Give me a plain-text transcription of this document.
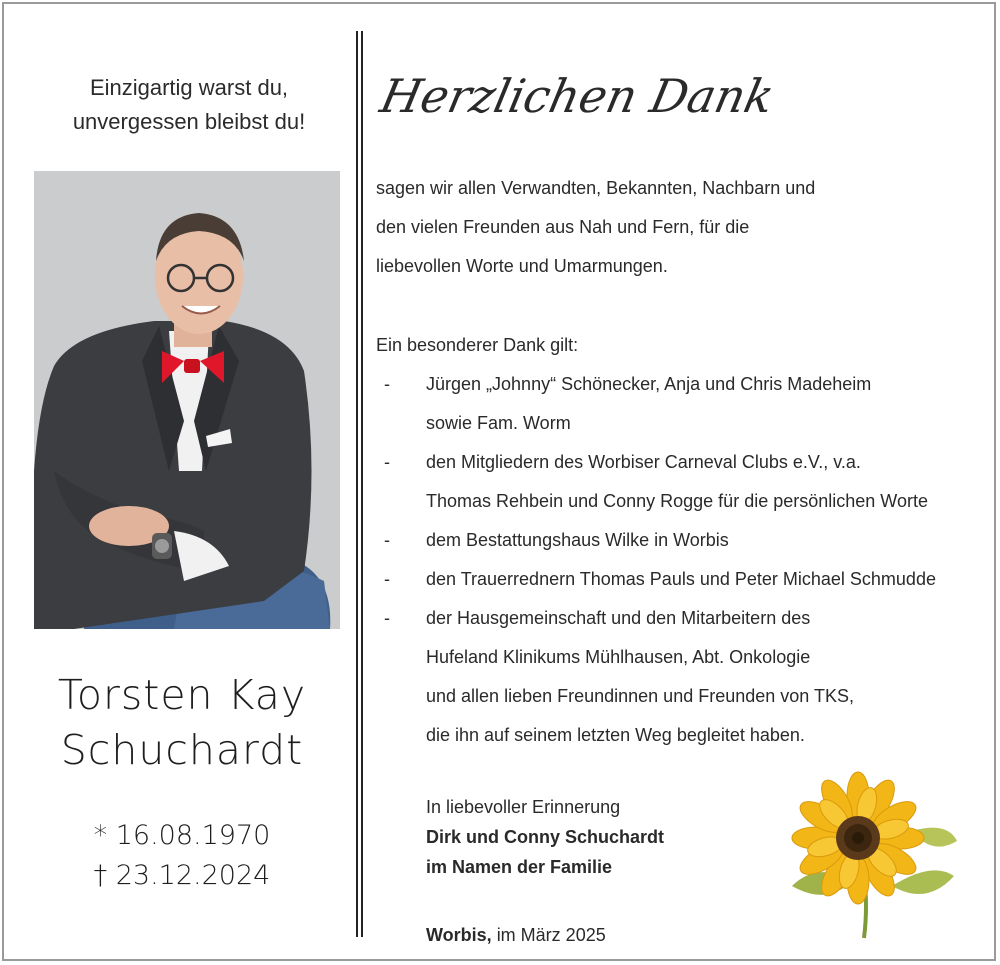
Einzigartig warst du,
unvergessen bleibst du!
Torsten Kay
Schuchardt
* 16.08.1970
† 23.12.2024
Herzlichen Dank
sagen wir allen Verwandten, Bekannten, Nachbarn und
den vielen Freunden aus Nah und Fern, für die
liebevollen Worte und Umarmungen.
Ein besonderer Dank gilt:
- Jürgen „Johnny“ Schönecker, Anja und Chris Madeheim
sowie Fam. Worm
- den Mitgliedern des Worbiser Carneval Clubs e.V., v.a.
Thomas Rehbein und Conny Rogge für die persönlichen Worte
- dem Bestattungshaus Wilke in Worbis
- den Trauerrednern Thomas Pauls und Peter Michael Schmudde
- der Hausgemeinschaft und den Mitarbeitern des
Hufeland Klinikums Mühlhausen, Abt. Onkologie
und allen lieben Freundinnen und Freunden von TKS,
die ihn auf seinem letzten Weg begleitet haben.
In liebevoller Erinnerung
Dirk und Conny Schuchardt
im Namen der Familie
Worbis, im März 2025
